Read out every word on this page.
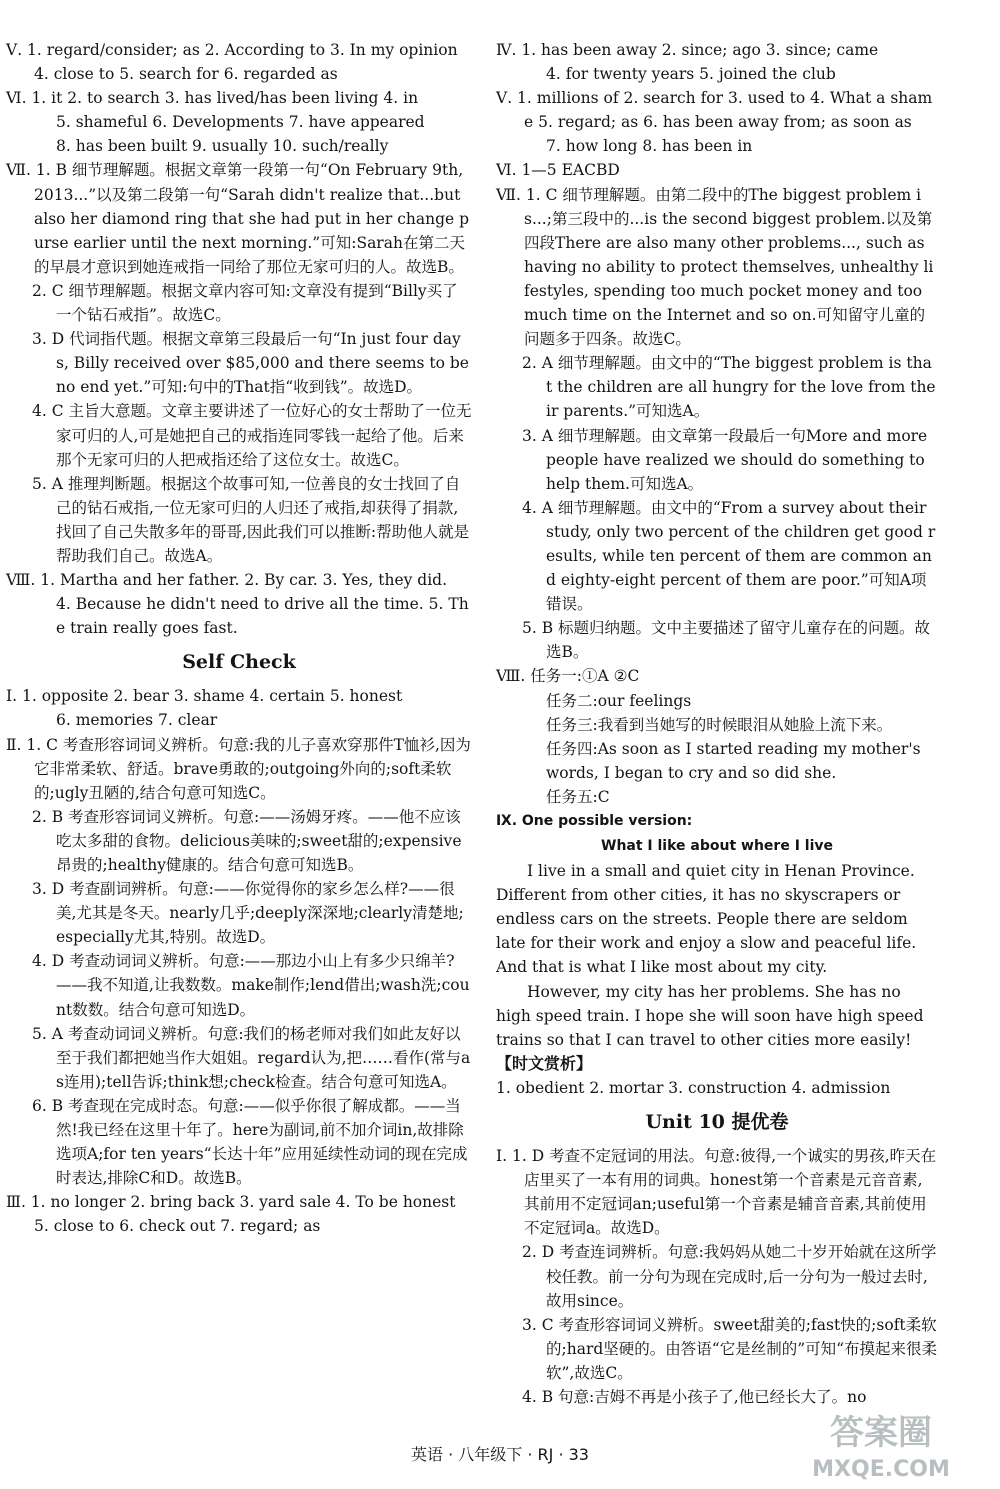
Ⅴ. 1. regard/consider; as 2. According to 3. In my opinion 4. close to 5. search for 6. regarded as

Ⅵ. 1. it 2. to search 3. has lived/has been living 4. in

5. shameful 6. Developments 7. have appeared

8. has been built 9. usually 10. such/really

Ⅶ. 1. B 细节理解题。根据文章第一段第一句“On February 9th, 2013...”以及第二段第一句“Sarah didn't realize that...but also her diamond ring that she had put in her change purse earlier until the next morning.”可知:Sarah在第二天的早晨才意识到她连戒指一同给了那位无家可归的人。故选B。

2. C 细节理解题。根据文章内容可知:文章没有提到“Billy买了一个钻石戒指”。故选C。

3. D 代词指代题。根据文章第三段最后一句“In just four days, Billy received over $85,000 and there seems to be no end yet.”可知:句中的That指“收到钱”。故选D。

4. C 主旨大意题。文章主要讲述了一位好心的女士帮助了一位无家可归的人,可是她把自己的戒指连同零钱一起给了他。后来那个无家可归的人把戒指还给了这位女士。故选C。

5. A 推理判断题。根据这个故事可知,一位善良的女士找回了自己的钻石戒指,一位无家可归的人归还了戒指,却获得了捐款,找回了自己失散多年的哥哥,因此我们可以推断:帮助他人就是帮助我们自己。故选A。

Ⅷ. 1. Martha and her father. 2. By car. 3. Yes, they did.

4. Because he didn't need to drive all the time. 5. The train really goes fast.

Self Check

Ⅰ. 1. opposite 2. bear 3. shame 4. certain 5. honest

6. memories 7. clear

Ⅱ. 1. C 考查形容词词义辨析。句意:我的儿子喜欢穿那件T恤衫,因为它非常柔软、舒适。brave勇敢的;outgoing外向的;soft柔软的;ugly丑陋的,结合句意可知选C。

2. B 考查形容词词义辨析。句意:——汤姆牙疼。——他不应该吃太多甜的食物。delicious美味的;sweet甜的;expensive昂贵的;healthy健康的。结合句意可知选B。

3. D 考查副词辨析。句意:——你觉得你的家乡怎么样?——很美,尤其是冬天。nearly几乎;deeply深深地;clearly清楚地;especially尤其,特别。故选D。

4. D 考查动词词义辨析。句意:——那边小山上有多少只绵羊?——我不知道,让我数数。make制作;lend借出;wash洗;count数数。结合句意可知选D。

5. A 考查动词词义辨析。句意:我们的杨老师对我们如此友好以至于我们都把她当作大姐姐。regard认为,把……看作(常与as连用);tell告诉;think想;check检查。结合句意可知选A。

6. B 考查现在完成时态。句意:——似乎你很了解成都。——当然!我已经在这里十年了。here为副词,前不加介词in,故排除选项A;for ten years“长达十年”应用延续性动词的现在完成时表达,排除C和D。故选B。

Ⅲ. 1. no longer 2. bring back 3. yard sale 4. To be honest 5. close to 6. check out 7. regard; as

Ⅳ. 1. has been away 2. since; ago 3. since; came

4. for twenty years 5. joined the club

Ⅴ. 1. millions of 2. search for 3. used to 4. What a shame 5. regard; as 6. has been away from; as soon as

7. how long 8. has been in

Ⅵ. 1—5 EACBD

Ⅶ. 1. C 细节理解题。由第二段中的The biggest problem is...;第三段中的...is the second biggest problem.以及第四段There are also many other problems..., such as having no ability to protect themselves, unhealthy lifestyles, spending too much pocket money and too much time on the Internet and so on.可知留守儿童的问题多于四条。故选C。

2. A 细节理解题。由文中的“The biggest problem is that the children are all hungry for the love from their parents.”可知选A。

3. A 细节理解题。由文章第一段最后一句More and more people have realized we should do something to help them.可知选A。

4. A 细节理解题。由文中的“From a survey about their study, only two percent of the children get good results, while ten percent of them are common and eighty-eight percent of them are poor.”可知A项错误。

5. B 标题归纳题。文中主要描述了留守儿童存在的问题。故选B。

Ⅷ. 任务一:①A ②C

任务二:our feelings

任务三:我看到当她写的时候眼泪从她脸上流下来。

任务四:As soon as I started reading my mother's words, I began to cry and so did she.

任务五:C

Ⅸ. One possible version:

What I like about where I live

I live in a small and quiet city in Henan Province. Different from other cities, it has no skyscrapers or endless cars on the streets. People there are seldom late for their work and enjoy a slow and peaceful life. And that is what I like most about my city.

However, my city has her problems. She has no high speed train. I hope she will soon have high speed trains so that I can travel to other cities more easily!

【时文赏析】

1. obedient 2. mortar 3. construction 4. admission

Unit 10 提优卷

Ⅰ. 1. D 考查不定冠词的用法。句意:彼得,一个诚实的男孩,昨天在店里买了一本有用的词典。honest第一个音素是元音音素,其前用不定冠词an;useful第一个音素是辅音音素,其前使用不定冠词a。故选D。

2. D 考查连词辨析。句意:我妈妈从她二十岁开始就在这所学校任教。前一分句为现在完成时,后一分句为一般过去时,故用since。

3. C 考查形容词词义辨析。sweet甜美的;fast快的;soft柔软的;hard坚硬的。由答语“它是丝制的”可知“布摸起来很柔软”,故选C。

4. B 句意:吉姆不再是小孩子了,他已经长大了。no

英语 · 八年级下 · RJ · 33
答案圈
MXQE.COM
